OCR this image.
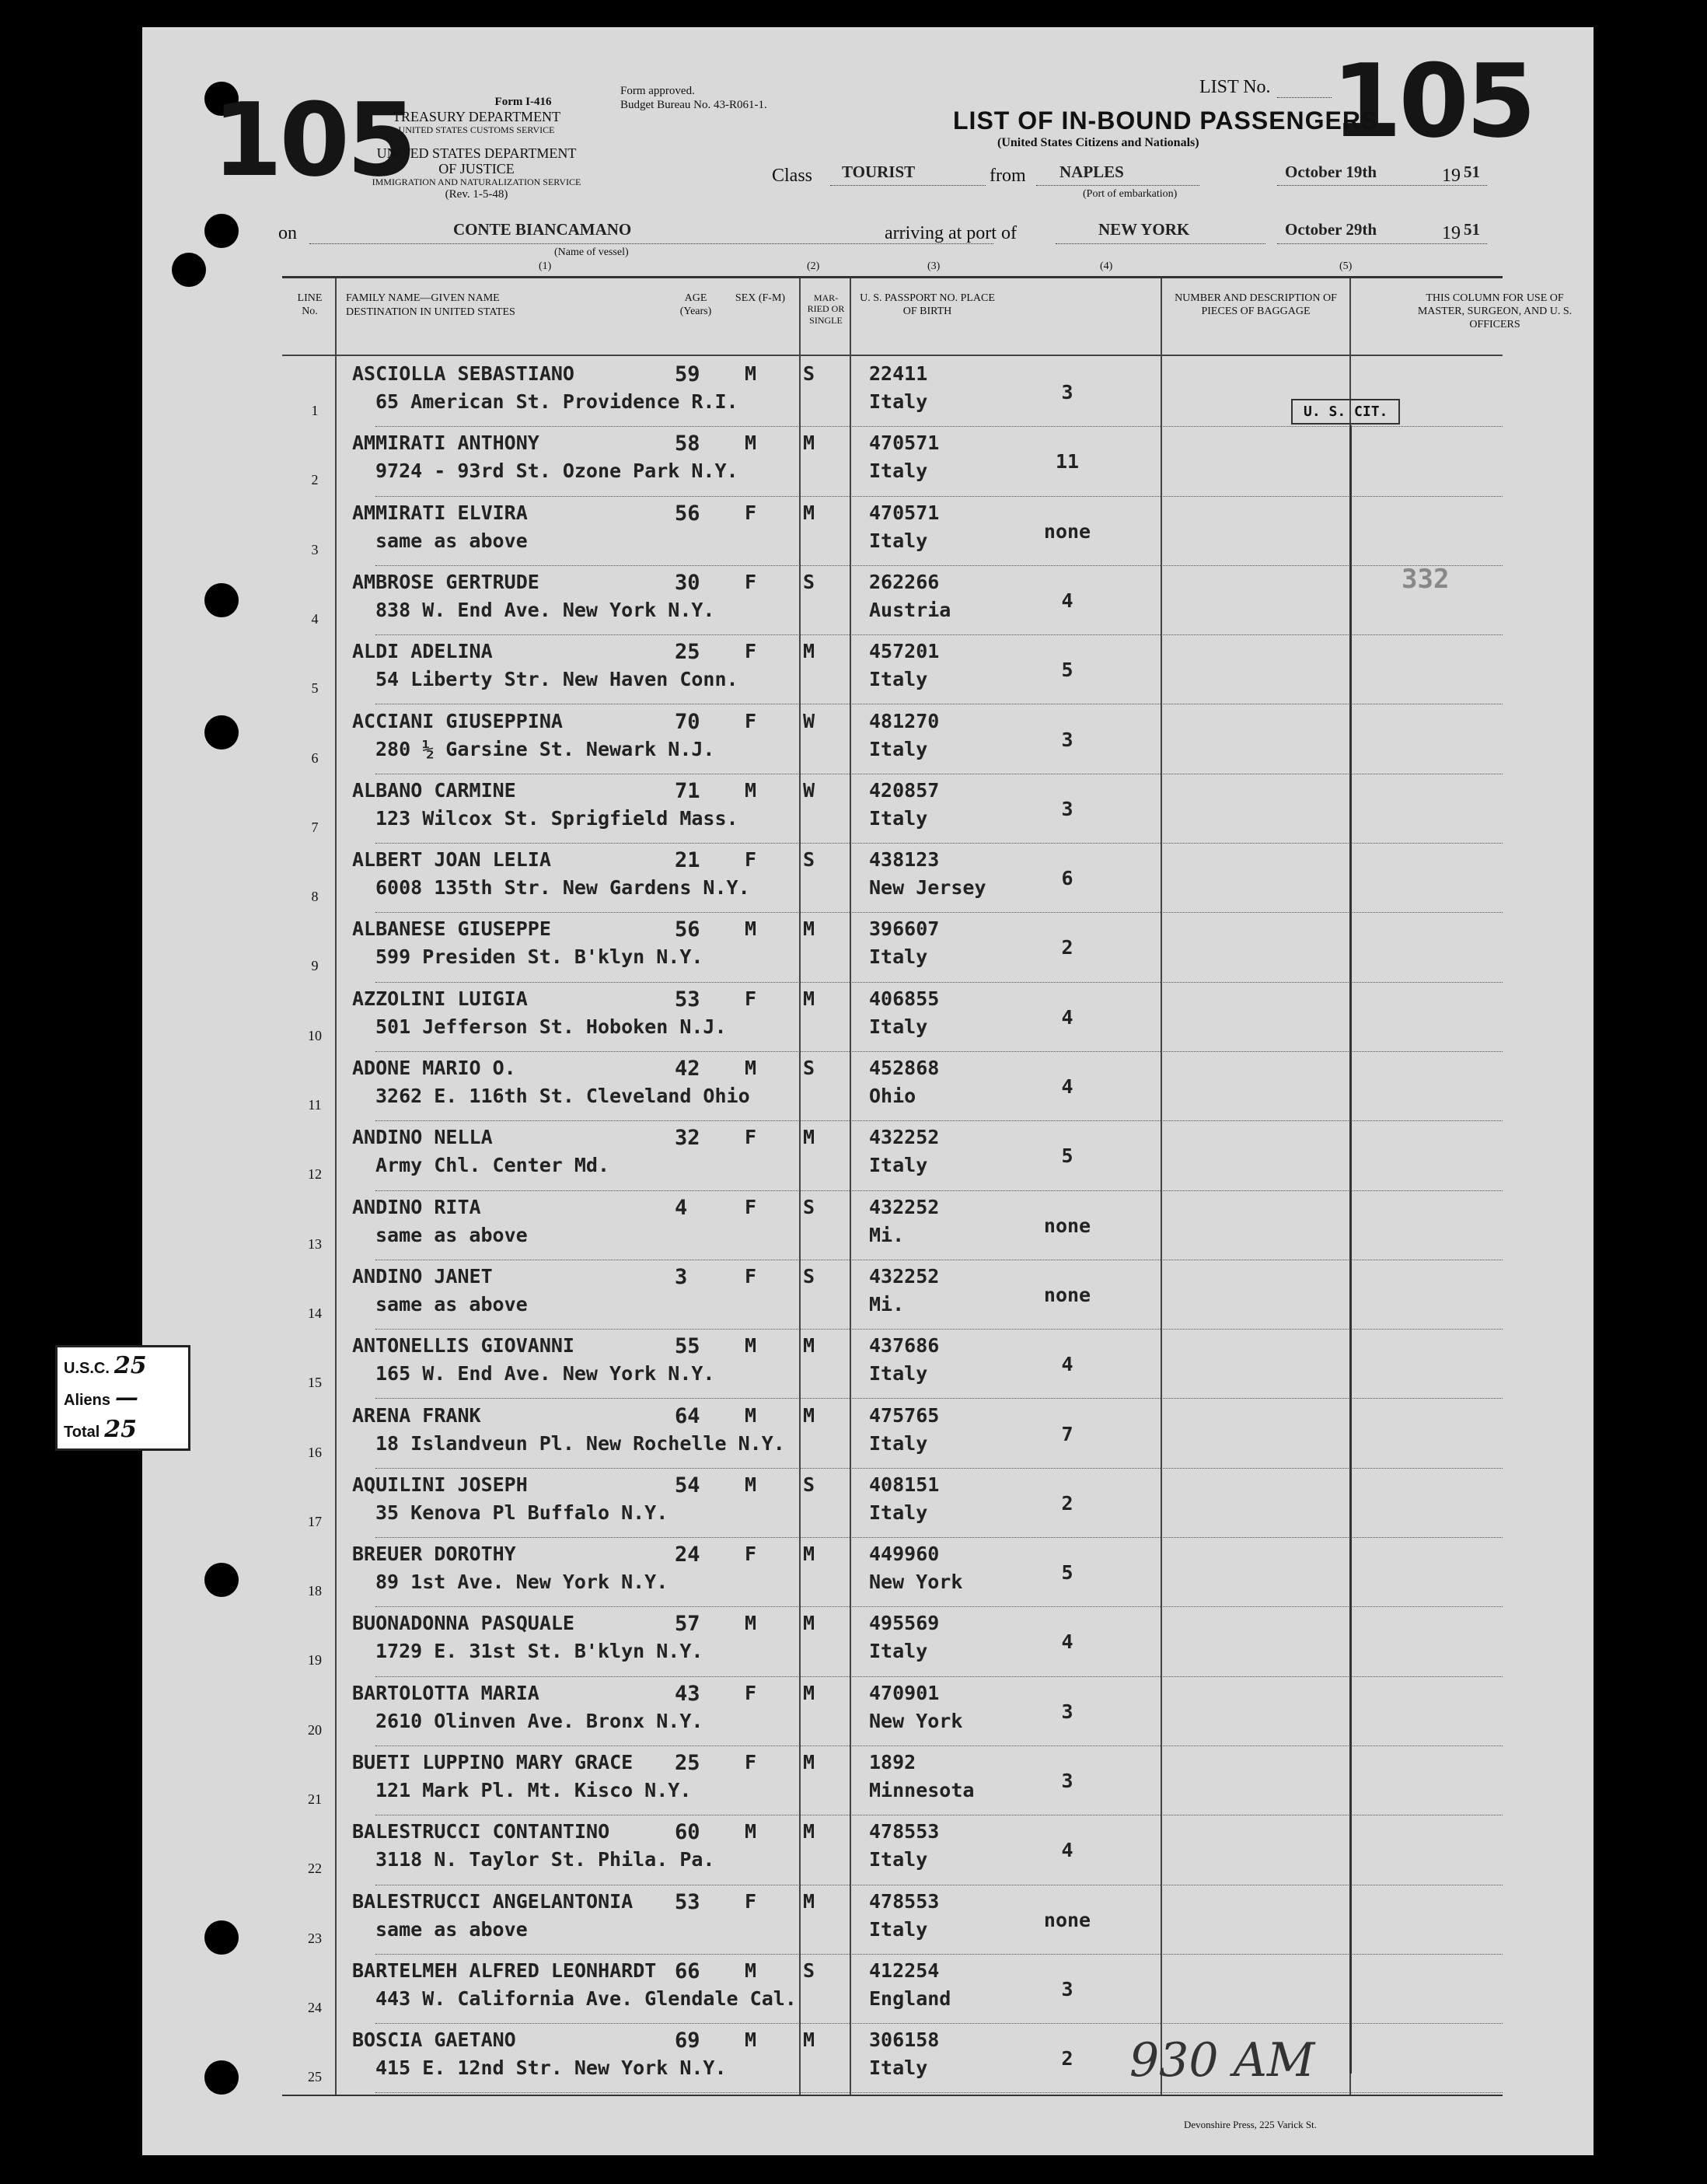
105	105
Form I-416
TREASURY DEPARTMENT
UNITED STATES CUSTOMS SERVICE
UNITED STATES DEPARTMENT OF JUSTICE
IMMIGRATION AND NATURALIZATION SERVICE
(Rev. 1-5-48)
Form approved.
Budget Bureau No. 43-R061-1.
LIST No.
LIST OF IN-BOUND PASSENGERS
(United States Citizens and Nationals)
Class TOURIST	from NAPLES
(Port of embarkation)
October 19th	19 51
on	CONTE BIANCAMANO
(Name of vessel)
arriving at port of	NEW YORK	October 29th	19 51
(1)	(2)	(3)	(4)	(5)
LINE No.
FAMILY NAME—GIVEN NAME
DESTINATION IN UNITED STATES
AGE (Years)
SEX (F-M)	MAR-RIED OR SINGLE
U. S. PASSPORT NO. PLACE OF BIRTH
NUMBER AND DESCRIPTION OF PIECES OF BAGGAGE
THIS COLUMN FOR USE OF MASTER, SURGEON, AND U. S. OFFICERS
1
ASCIOLLA SEBASTIANO
65 American St. Providence R.I.
59 M S	22411
Italy	3
2
AMMIRATI ANTHONY
9724 - 93rd St. Ozone Park N.Y.
58 M M	470571
Italy	11
3
AMMIRATI ELVIRA
same as above
56 F M	470571
Italy	none
4
AMBROSE GERTRUDE
838 W. End Ave. New York N.Y.
30 F S	262266
Austria	4
5
ALDI ADELINA
54 Liberty Str. New Haven Conn.
25 F M	457201
Italy	5
6
ACCIANI GIUSEPPINA
280 ½ Garsine St. Newark N.J.
70 F W	481270
Italy	3
7
ALBANO CARMINE
123 Wilcox St. Sprigfield Mass.
71 M W	420857
Italy	3
8
ALBERT JOAN LELIA
6008 135th Str. New Gardens N.Y.
21 F S	438123
New Jersey	6
9
ALBANESE GIUSEPPE
599 Presiden St. B'klyn N.Y.
56 M M	396607
Italy	2
10
AZZOLINI LUIGIA
501 Jefferson St. Hoboken N.J.
53 F M	406855
Italy	4
11
ADONE MARIO O.
3262 E. 116th St. Cleveland Ohio
42 M S	452868
Ohio	4
12
ANDINO NELLA
Army Chl. Center Md.
32 F M	432252
Italy	5
13
ANDINO RITA
same as above
4	F S	432252
Mi.	none
14
ANDINO JANET
same as above
3	F S	432252
Mi.	none
15
ANTONELLIS GIOVANNI
165 W. End Ave. New York N.Y.
55 M M	437686
Italy	4
16
ARENA FRANK
18 Islandveun Pl. New Rochelle N.Y.
64 M M	475765
Italy	7
17
AQUILINI JOSEPH
35 Kenova Pl Buffalo N.Y.
54 M S	408151
Italy	2
18
BREUER DOROTHY
89 1st Ave. New York N.Y.
24 F M	449960
New York	5
19
BUONADONNA PASQUALE
1729 E. 31st St. B'klyn N.Y.
57 M M	495569
Italy	4
20
BARTOLOTTA MARIA
2610 Olinven Ave. Bronx N.Y.
43 F M	470901
New York	3
21
BUETI LUPPINO MARY GRACE
121 Mark Pl. Mt. Kisco N.Y.
25 F M	1892
Minnesota	3
22
BALESTRUCCI CONTANTINO
3118 N. Taylor St. Phila. Pa.
60 M M	478553
Italy	4
23
BALESTRUCCI ANGELANTONIA
same as above
53 F M	478553
Italy	none
24
BARTELMEH ALFRED LEONHARDT
443 W. California Ave. Glendale Cal.
66 M S	412254
England	3
25
BOSCIA GAETANO
415 E. 12nd Str. New York N.Y.
69 M M	306158
Italy	2
U. S. CIT.
332
U.S.C. 25
Aliens —
Total 25
930 AM
Devonshire Press, 225 Varick St.
